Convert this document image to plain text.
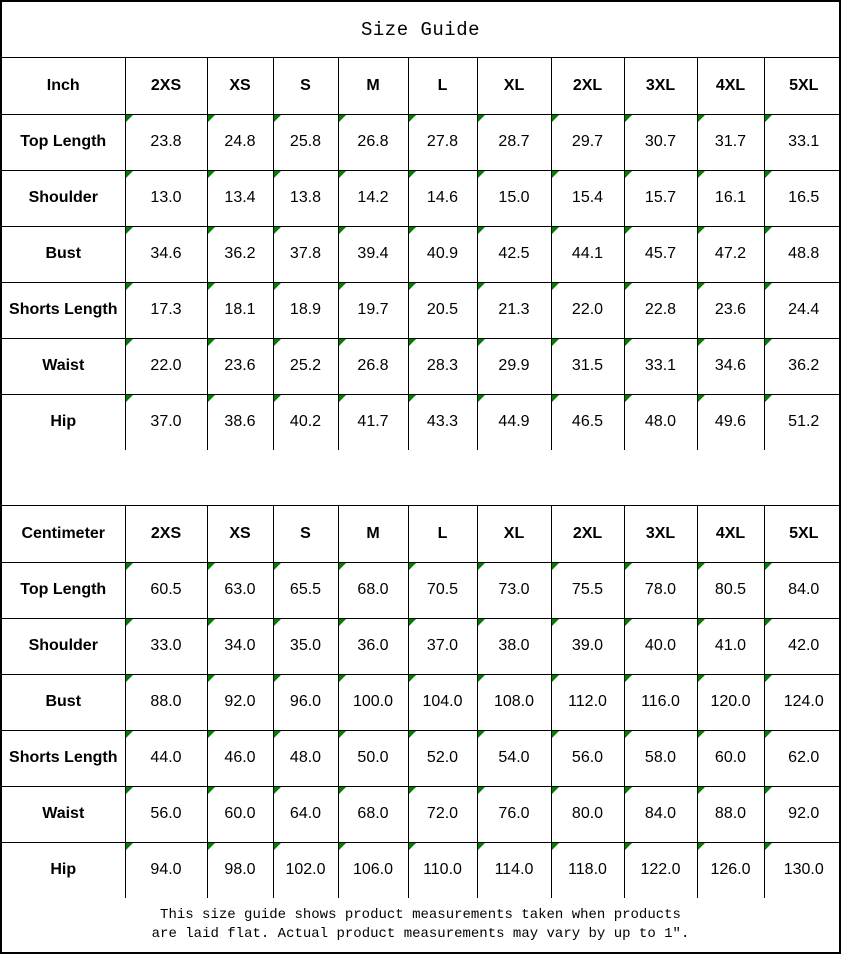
Size Guide
Inch	2XS	XS	S	M	L	XL	2XL	3XL	4XL	5XL
Top Length	23.8	24.8	25.8	26.8	27.8	28.7	29.7	30.7	31.7	33.1
Shoulder	13.0	13.4	13.8	14.2	14.6	15.0	15.4	15.7	16.1	16.5
Bust	34.6	36.2	37.8	39.4	40.9	42.5	44.1	45.7	47.2	48.8
Shorts Length	17.3	18.1	18.9	19.7	20.5	21.3	22.0	22.8	23.6	24.4
Waist	22.0	23.6	25.2	26.8	28.3	29.9	31.5	33.1	34.6	36.2
Hip	37.0	38.6	40.2	41.7	43.3	44.9	46.5	48.0	49.6	51.2
Centimeter	2XS	XS	S	M	L	XL	2XL	3XL	4XL	5XL
Top Length	60.5	63.0	65.5	68.0	70.5	73.0	75.5	78.0	80.5	84.0
Shoulder	33.0	34.0	35.0	36.0	37.0	38.0	39.0	40.0	41.0	42.0
Bust	88.0	92.0	96.0	100.0	104.0	108.0	112.0	116.0	120.0	124.0
Shorts Length	44.0	46.0	48.0	50.0	52.0	54.0	56.0	58.0	60.0	62.0
Waist	56.0	60.0	64.0	68.0	72.0	76.0	80.0	84.0	88.0	92.0
Hip	94.0	98.0	102.0	106.0	110.0	114.0	118.0	122.0	126.0	130.0
This size guide shows product measurements taken when products
are laid flat. Actual product measurements may vary by up to 1″.
